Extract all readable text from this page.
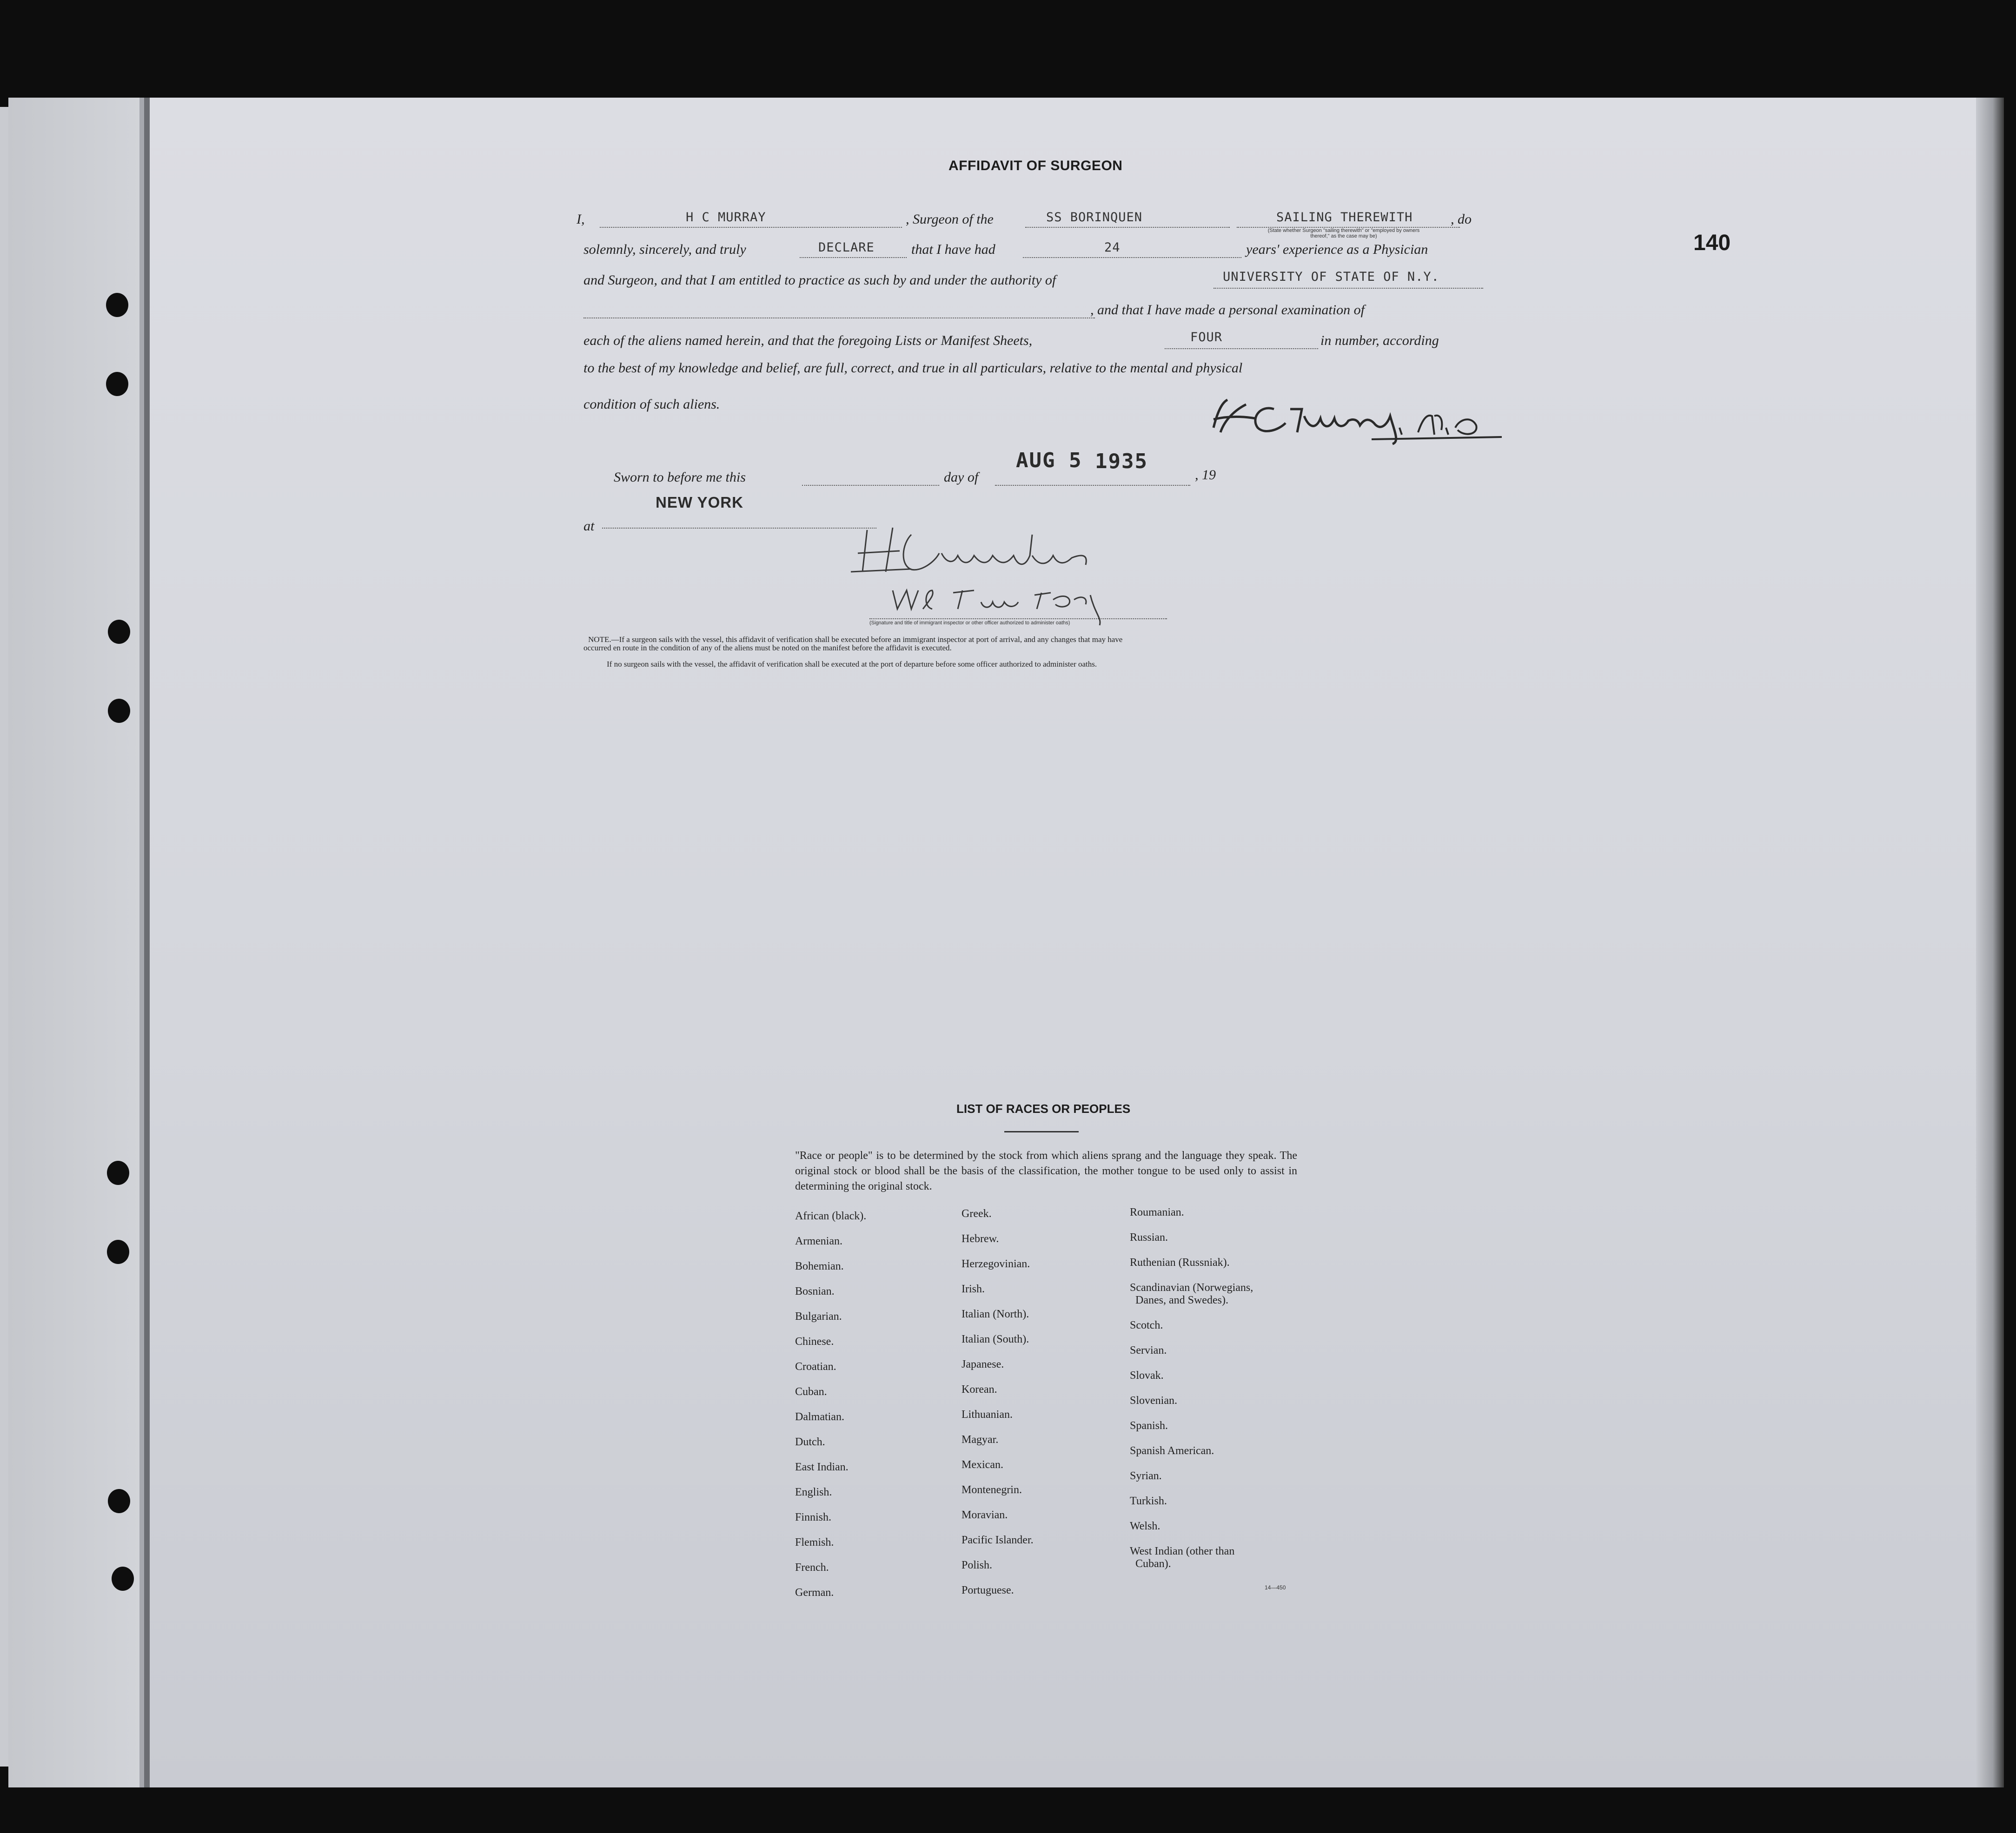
140
AFFIDAVIT OF SURGEON
I,	H C MURRAY	, Surgeon of the	SS BORINQUEN	SAILING THEREWITH	, do
(State whether Surgeon "sailing therewith" or "employed by owners thereof," as the case may be)
solemnly, sincerely, and truly	DECLARE	that I have had	24	years' experience as a Physician
and Surgeon, and that I am entitled to practice as such by and under the authority of	UNIVERSITY OF STATE OF N.Y.
, and that I have made a personal examination of
each of the aliens named herein, and that the foregoing Lists or Manifest Sheets,	FOUR	in number, according
to the best of my knowledge and belief, are full, correct, and true in all particulars, relative to the mental and physical
condition of such aliens.
Sworn to before me this	day of
AUG 5 1935
, 19
at
NEW YORK
(Signature and title of immigrant inspector or other officer authorized to administer oaths)
NOTE.—If a surgeon sails with the vessel, this affidavit of verification shall be executed before an immigrant inspector at port of arrival, and any changes that may have
occurred en route in the condition of any of the aliens must be noted on the manifest before the affidavit is executed.
If no surgeon sails with the vessel, the affidavit of verification shall be executed at the port of departure before some officer authorized to administer oaths.
LIST OF RACES OR PEOPLES
"Race or people" is to be determined by the stock from which aliens sprang and the language they speak. The original stock or blood shall be the basis of the classification, the mother tongue to be used only to assist in determining the original stock.
African (black).
Armenian.
Bohemian.
Bosnian.
Bulgarian.
Chinese.
Croatian.
Cuban.
Dalmatian.
Dutch.
East Indian.
English.
Finnish.
Flemish.
French.
German.
Greek.
Hebrew.
Herzegovinian.
Irish.
Italian (North).
Italian (South).
Japanese.
Korean.
Lithuanian.
Magyar.
Mexican.
Montenegrin.
Moravian.
Pacific Islander.
Polish.
Portuguese.
Roumanian.
Russian.
Ruthenian (Russniak).
Scandinavian (Norwegians,
Danes, and Swedes).
Scotch.
Servian.
Slovak.
Slovenian.
Spanish.
Spanish American.
Syrian.
Turkish.
Welsh.
West Indian (other than
Cuban).
14—450
